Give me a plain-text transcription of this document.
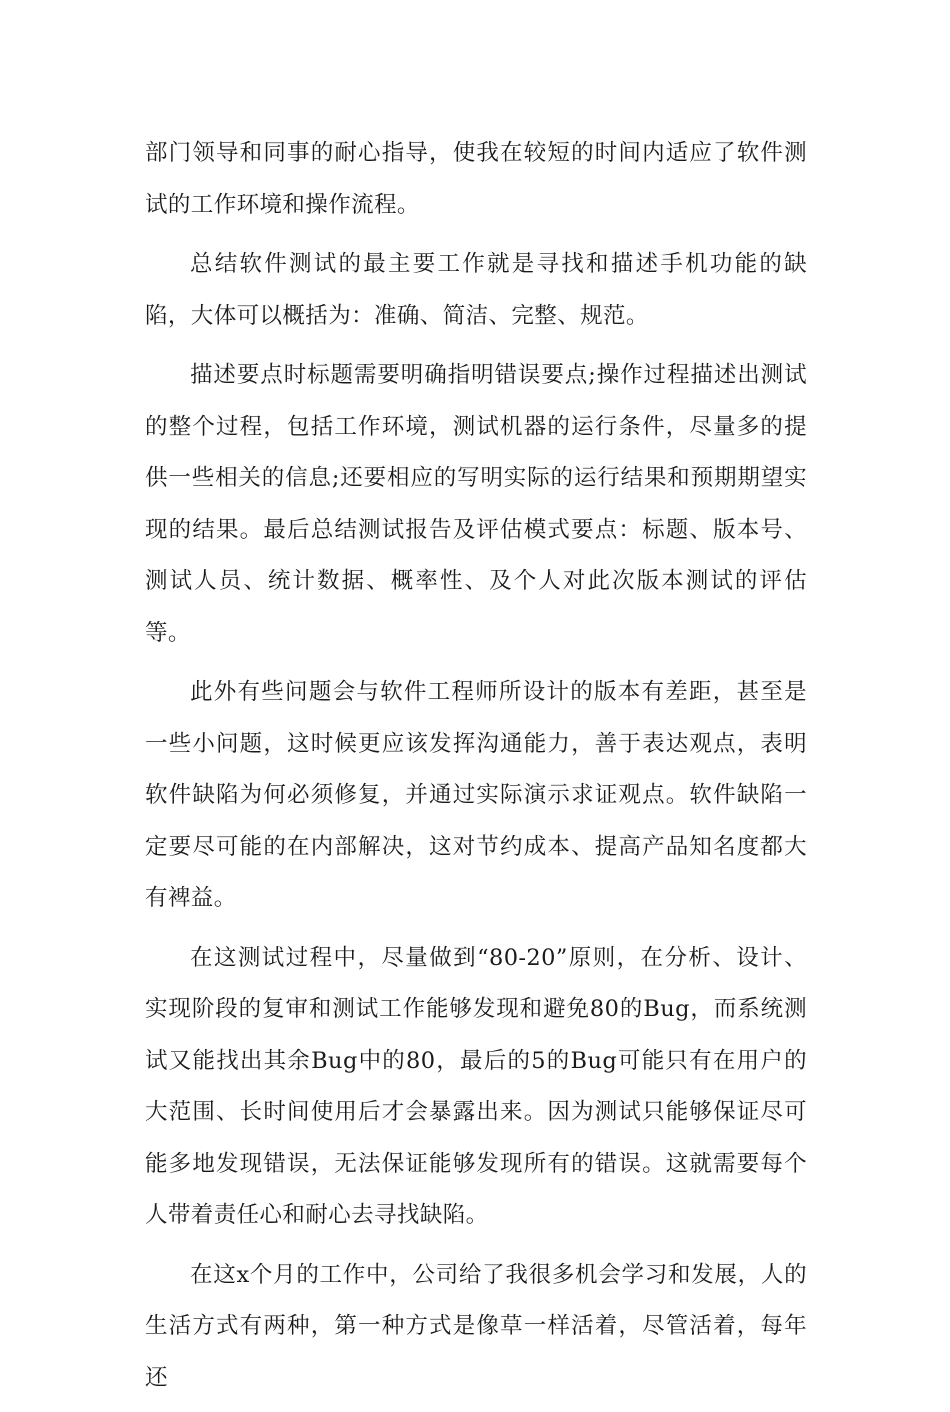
部门领导和同事的耐心指导，使我在较短的时间内适应了软件测试的工作环境和操作流程。

总结软件测试的最主要工作就是寻找和描述手机功能的缺陷，大体可以概括为：准确、简洁、完整、规范。

描述要点时标题需要明确指明错误要点;操作过程描述出测试的整个过程，包括工作环境，测试机器的运行条件，尽量多的提供一些相关的信息;还要相应的写明实际的运行结果和预期期望实现的结果。最后总结测试报告及评估模式要点：标题、版本号、测试人员、统计数据、概率性、及个人对此次版本测试的评估等。

此外有些问题会与软件工程师所设计的版本有差距，甚至是一些小问题，这时候更应该发挥沟通能力，善于表达观点，表明软件缺陷为何必须修复，并通过实际演示求证观点。软件缺陷一定要尽可能的在内部解决，这对节约成本、提高产品知名度都大有裨益。

在这测试过程中，尽量做到“80-20”原则，在分析、设计、实现阶段的复审和测试工作能够发现和避免80的Bug，而系统测试又能找出其余Bug中的80，最后的5的Bug可能只有在用户的大范围、长时间使用后才会暴露出来。因为测试只能够保证尽可能多地发现错误，无法保证能够发现所有的错误。这就需要每个人带着责任心和耐心去寻找缺陷。

在这x个月的工作中，公司给了我很多机会学习和发展，人的生活方式有两种，第一种方式是像草一样活着，尽管活着，每年还
